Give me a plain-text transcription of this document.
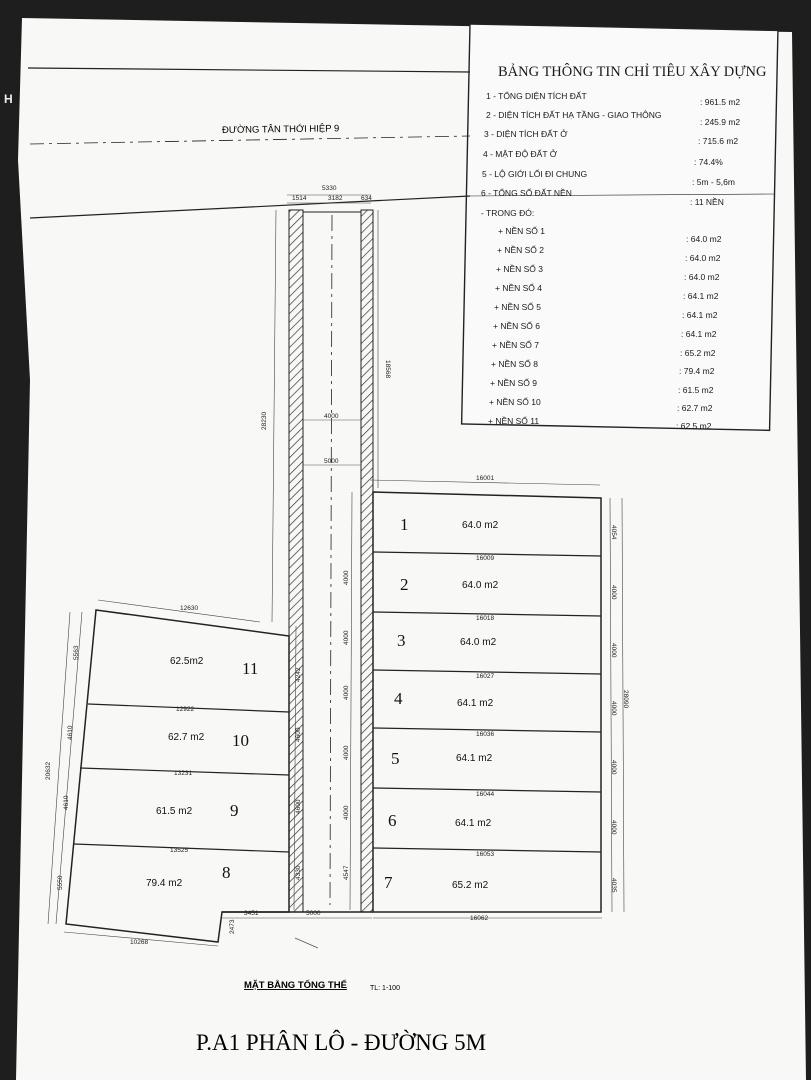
BẢNG THÔNG TIN CHỈ TIÊU XÂY DỰNG
1 - TỔNG DIỆN TÍCH ĐẤT
: 961.5 m2
2 - DIỆN TÍCH ĐẤT HẠ TẦNG - GIAO THÔNG
: 245.9 m2
3 - DIỆN TÍCH ĐẤT Ở
: 715.6 m2
4 - MẬT ĐỘ ĐẤT Ở
: 74.4%
5 - LỘ GIỚI LỐI ĐI CHUNG
: 5m - 5,6m
6 - TỔNG SỐ ĐẤT NỀN
: 11 NỀN
- TRONG ĐÓ:
+ NỀN SỐ 1
: 64.0 m2
+ NỀN SỐ 2
: 64.0 m2
+ NỀN SỐ 3
: 64.0 m2
+ NỀN SỐ 4
: 64.1 m2
+ NỀN SỐ 5
: 64.1 m2
+ NỀN SỐ 6
: 64.1 m2
+ NỀN SỐ 7
: 65.2 m2
+ NỀN SỐ 8
: 79.4 m2
+ NỀN SỐ 9
: 61.5 m2
+ NỀN SỐ 10
: 62.7 m2
+ NỀN SỐ 11	: 62.5 m2
ĐƯỜNG TÂN THỚI HIỆP 9
5330
1514	3182	634
4000
5000
5000
28230
18568
16001
16009
16018
16027
16036
16044
16053
16062
28090
4054
4000
4000
4000
4000
4000
4035
4000
4000
4000
4000
4000
4547
12630
12922
13231
13525
10268
5563
4610
4610
5550
20632
4242
4600
4600
4330
3451
2473
1	64.0 m2
2	64.0 m2
3	64.0 m2
4	64.1 m2
5	64.1 m2
6	64.1 m2
7	65.2 m2
11
62.5m2
10
62.7 m2
9
61.5 m2
8
79.4 m2
MẶT BẰNG TỔNG THỂ	TL: 1-100
P.A1 PHÂN LÔ - ĐƯỜNG 5M
H
